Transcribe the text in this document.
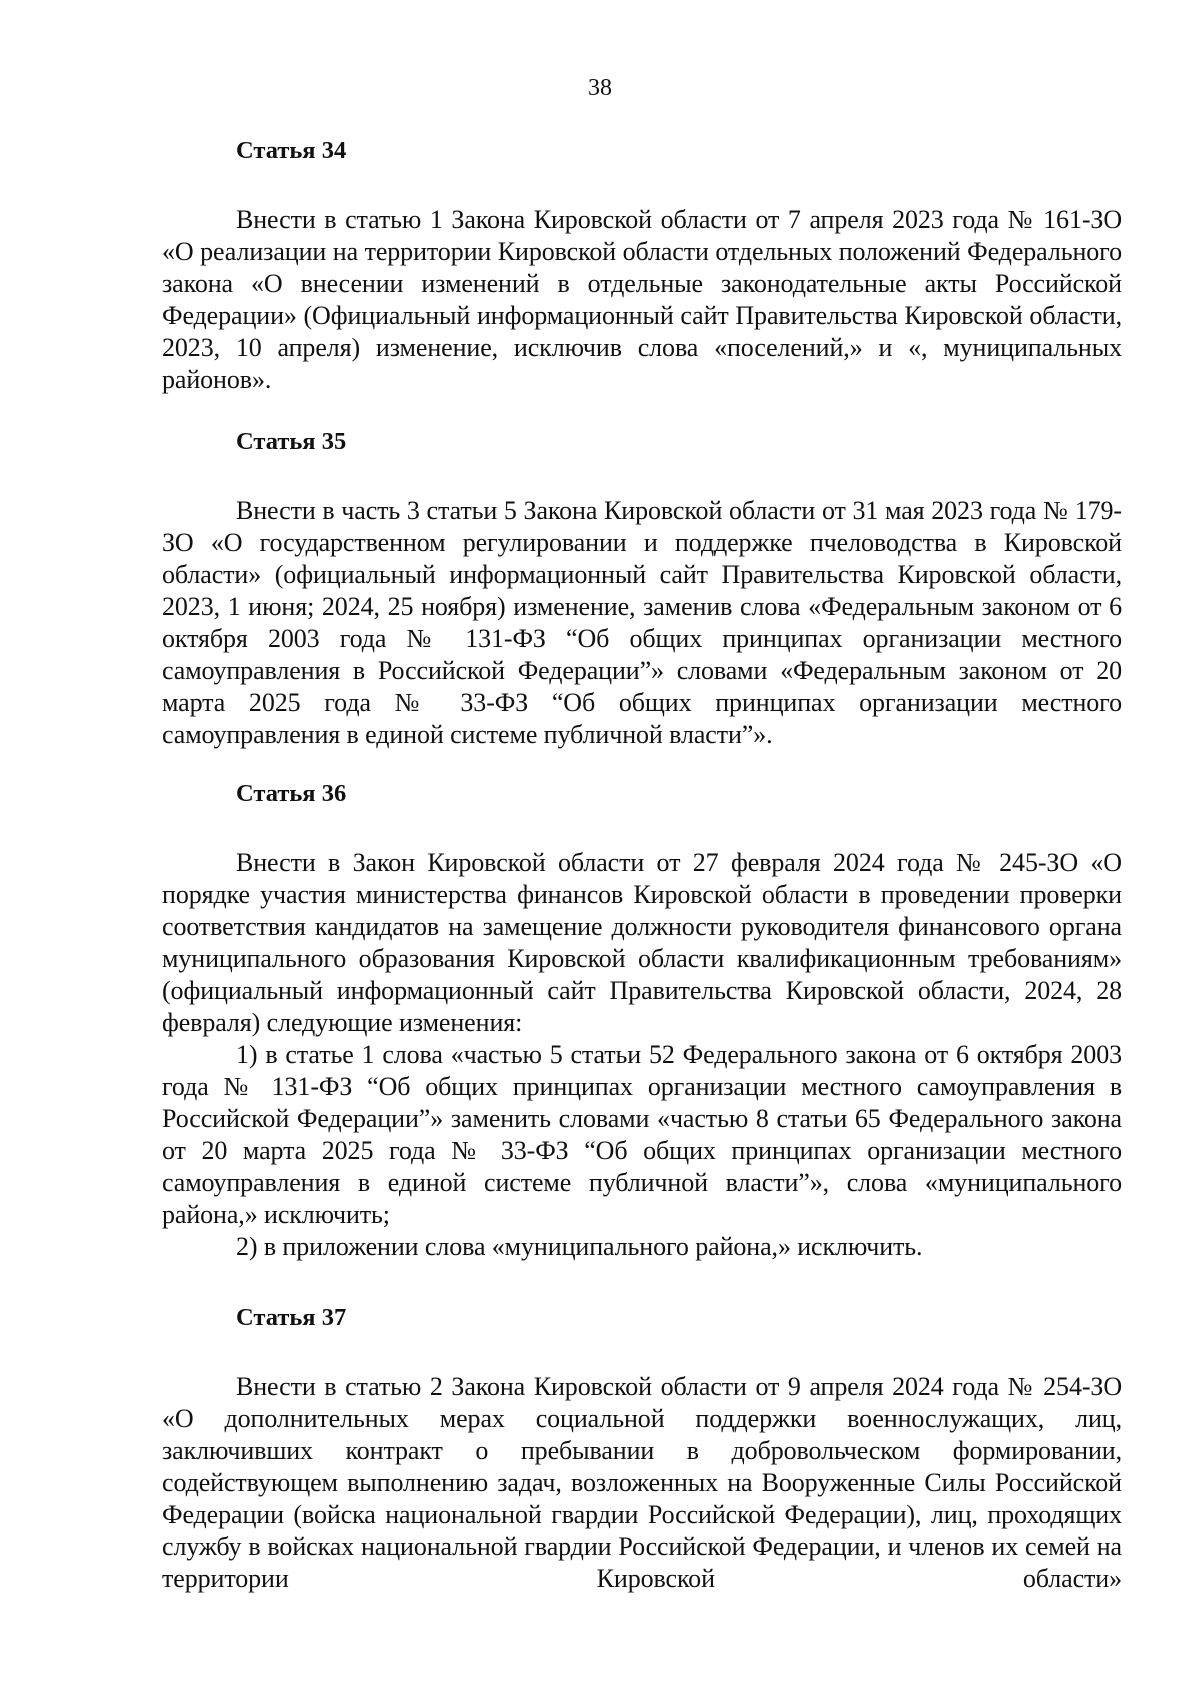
38
Статья 34

Внести в статью 1 Закона Кировской области от 7 апреля 2023 года № 161-ЗО «О реализации на территории Кировской области отдельных положений Федерального закона «О внесении изменений в отдельные законодательные акты Российской Федерации» (Официальный информационный сайт Правительства Кировской области, 2023, 10 апреля) изменение, исключив слова «поселений,» и «, муниципальных районов».

Статья 35

Внести в часть 3 статьи 5 Закона Кировской области от 31 мая 2023 года № 179-ЗО «О государственном регулировании и поддержке пчеловодства в Кировской области» (официальный информационный сайт Правительства Кировской области, 2023, 1 июня; 2024, 25 ноября) изменение, заменив слова «Федеральным законом от 6 октября 2003 года № 131-ФЗ “Об общих принципах организации местного самоуправления в Российской Федерации”» словами «Федеральным законом от 20 марта 2025 года № 33-ФЗ “Об общих принципах организации местного самоуправления в единой системе публичной власти”».

Статья 36

Внести в Закон Кировской области от 27 февраля 2024 года № 245-ЗО «О порядке участия министерства финансов Кировской области в проведении проверки соответствия кандидатов на замещение должности руководителя финансового органа муниципального образования Кировской области квалификационным требованиям» (официальный информационный сайт Правительства Кировской области, 2024, 28 февраля) следующие изменения:

1) в статье 1 слова «частью 5 статьи 52 Федерального закона от 6 октября 2003 года № 131-ФЗ “Об общих принципах организации местного самоуправления в Российской Федерации”» заменить словами «частью 8 статьи 65 Федерального закона от 20 марта 2025 года № 33-ФЗ “Об общих принципах организации местного самоуправления в единой системе публичной власти”», слова «муниципального района,» исключить;

2) в приложении слова «муниципального района,» исключить.

Статья 37

Внести в статью 2 Закона Кировской области от 9 апреля 2024 года № 254-ЗО «О дополнительных мерах социальной поддержки военнослужащих, лиц, заключивших контракт о пребывании в добровольческом формировании, содействующем выполнению задач, возложенных на Вооруженные Силы Российской Федерации (войска национальной гвардии Российской Федерации), лиц, проходящих службу в войсках национальной гвардии Российской Федерации, и членов их семей на территории Кировской области»
